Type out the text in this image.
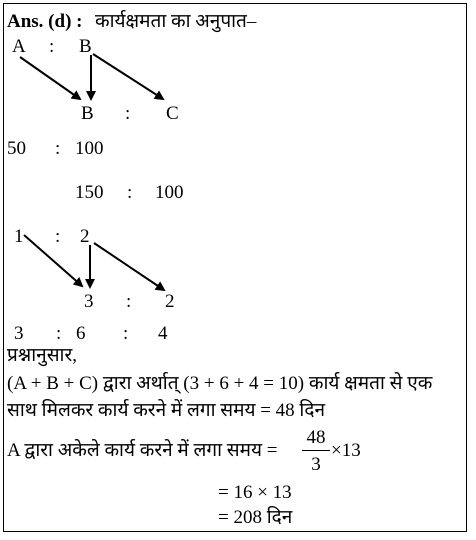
Ans. (d) : कार्यक्षमता का अनुपात–
A : B
B : C
50 : 100
150 : 100
1 : 2
3 : 2
3 : 6 : 4
प्रश्नानुसार,
(A + B + C) द्वारा अर्थात् (3 + 6 + 4 = 10) कार्य क्षमता से एक
साथ मिलकर कार्य करने में लगा समय = 48 दिन
A द्वारा अकेले कार्य करने में लगा समय =
48
3
×13
= 16 × 13
= 208 दिन
